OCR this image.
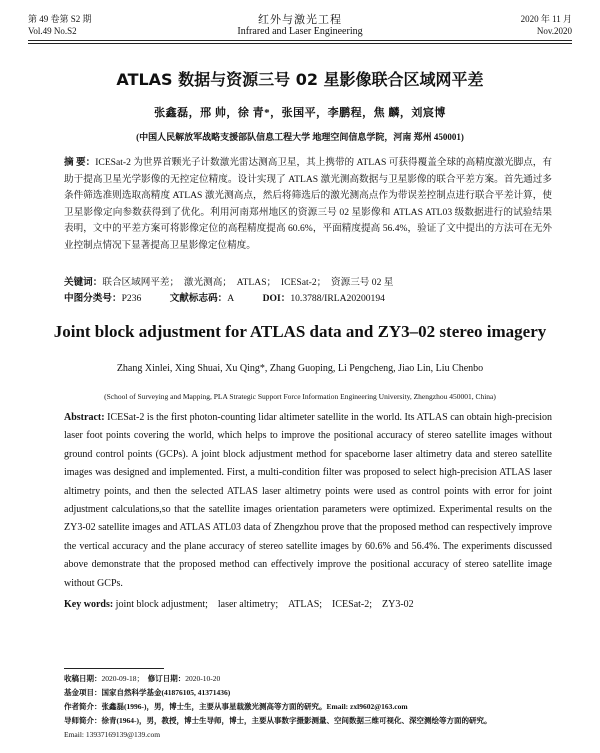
第 49 卷第 S2 期	红外与激光工程	2020 年 11 月
Vol.49 No.S2	Infrared and Laser Engineering	Nov.2020
ATLAS 数据与资源三号 02 星影像联合区域网平差
张鑫磊，邢 帅，徐 青*，张国平，李鹏程，焦 麟，刘宸博
(中国人民解放军战略支援部队信息工程大学 地理空间信息学院，河南 郑州 450001)

摘 要：ICESat-2 为世界首颗光子计数激光雷达测高卫星，其上携带的 ATLAS 可获得覆盖全球的高精度激光脚点，有助于提高卫星光学影像的无控定位精度。设计实现了 ATLAS 激光测高数据与卫星影像的联合平差方案。首先通过多条件筛选准则选取高精度 ATLAS 激光测高点，然后将筛选后的激光测高点作为带误差控制点进行联合平差计算，使卫星影像定向参数获得到了优化。利用河南郑州地区的资源三号 02 星影像和 ATLAS ATL03 级数据进行的试验结果表明，文中的平差方案可将影像定位的高程精度提高 60.6%，平面精度提高 56.4%，验证了文中提出的方法可在无外业控制点情况下显著提高卫星影像定位精度。

关键词：联合区域网平差；　激光测高；　ATLAS；　ICESat-2；　资源三号 02 星

中图分类号：P236	文献标志码：A	DOI：10.3788/IRLA20200194

Joint block adjustment for ATLAS data and ZY3–02 stereo imagery
Zhang Xinlei, Xing Shuai, Xu Qing*, Zhang Guoping, Li Pengcheng, Jiao Lin, Liu Chenbo
(School of Surveying and Mapping, PLA Strategic Support Force Information Engineering University, Zhengzhou 450001, China)

Abstract: ICESat-2 is the first photon-counting lidar altimeter satellite in the world. Its ATLAS can obtain high-precision laser foot points covering the world, which helps to improve the positional accuracy of stereo satellite images without ground control points (GCPs). A joint block adjustment method for spaceborne laser altimetry data and stereo satellite images was designed and implemented. First, a multi-condition filter was proposed to select high-precision ATLAS laser altimetry points, and then the selected ATLAS laser altimetry points were used as control points with error for joint adjustment calculations,so that the satellite images orientation parameters were optimized. Experimental results on the ZY3-02 satellite images and ATLAS ATL03 data of Zhengzhou prove that the proposed method can respectively improve the vertical accuracy and the plane accuracy of stereo satellite images by 60.6% and 56.4%. The experiments discussed above demonstrate that the proposed method can effectively improve the positional accuracy of stereo satellite image without GCPs.

Key words: joint block adjustment;　laser altimetry;　ATLAS;　ICESat-2;　ZY3-02

收稿日期：2020-09-18； 修订日期：2020-10-20

基金项目：国家自然科学基金(41876105, 41371436)

作者简介：张鑫磊(1996-)，男，博士生，主要从事星载激光测高等方面的研究。Email: zxl9602@163.com

导师简介：徐青(1964-)，男，教授，博士生导师，博士，主要从事数字摄影测量、空间数据三维可视化、深空测绘等方面的研究。

Email: 13937169139@139.com
